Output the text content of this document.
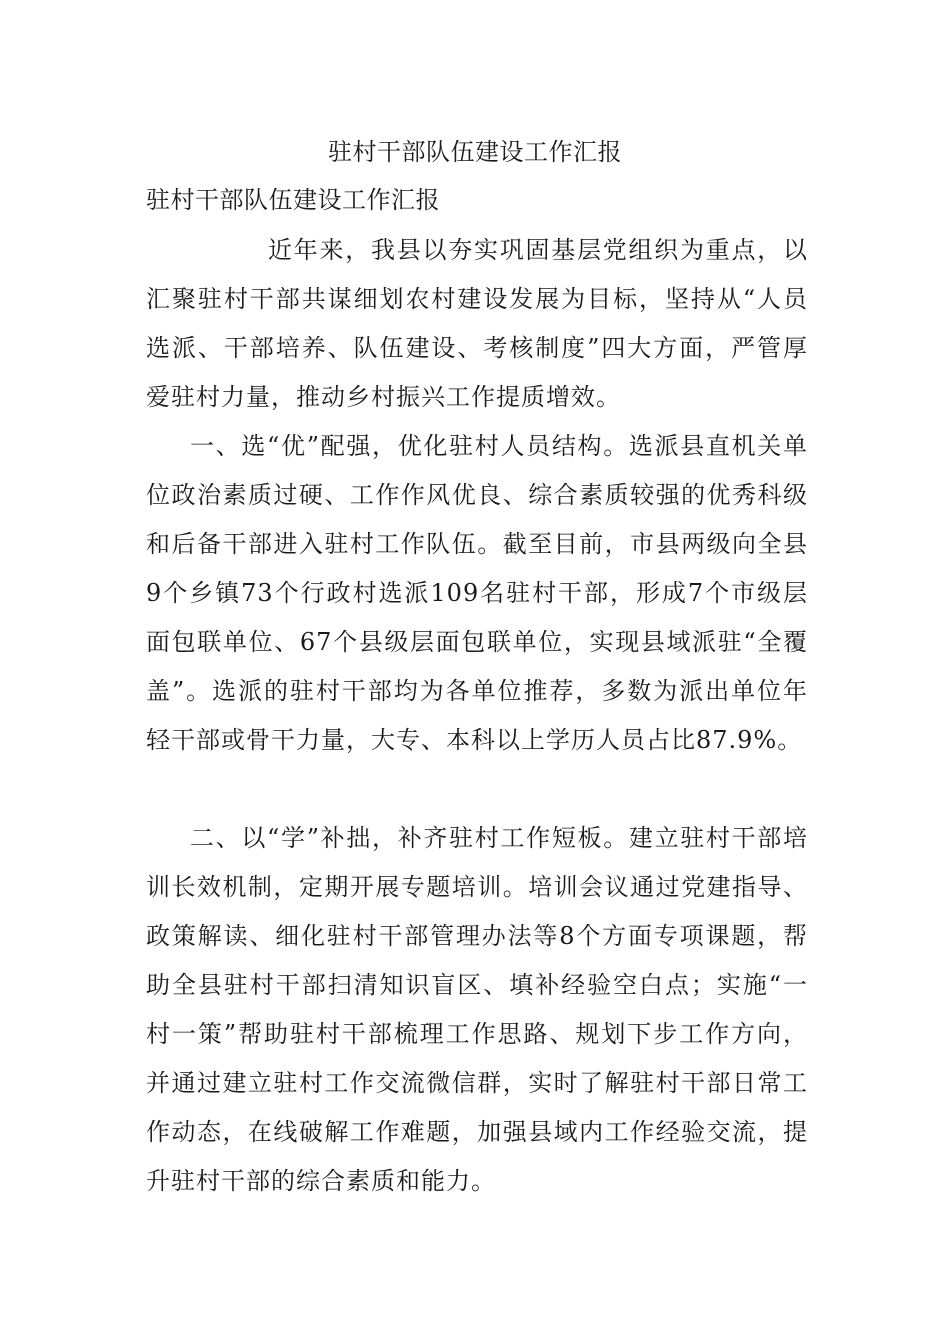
驻村干部队伍建设工作汇报
驻村干部队伍建设工作汇报

近年来，我县以夯实巩固基层党组织为重点，以汇聚驻村干部共谋细划农村建设发展为目标，坚持从“人员选派、干部培养、队伍建设、考核制度”四大方面，严管厚爱驻村力量，推动乡村振兴工作提质增效。

一、选“优”配强，优化驻村人员结构。选派县直机关单位政治素质过硬、工作作风优良、综合素质较强的优秀科级和后备干部进入驻村工作队伍。截至目前，市县两级向全县9个乡镇73个行政村选派109名驻村干部，形成7个市级层面包联单位、67个县级层面包联单位，实现县域派驻“全覆盖”。选派的驻村干部均为各单位推荐，多数为派出单位年轻干部或骨干力量，大专、本科以上学历人员占比87.9%。

二、以“学”补拙，补齐驻村工作短板。建立驻村干部培训长效机制，定期开展专题培训。培训会议通过党建指导、政策解读、细化驻村干部管理办法等8个方面专项课题，帮助全县驻村干部扫清知识盲区、填补经验空白点；实施“一村一策”帮助驻村干部梳理工作思路、规划下步工作方向，并通过建立驻村工作交流微信群，实时了解驻村干部日常工作动态，在线破解工作难题，加强县域内工作经验交流，提升驻村干部的综合素质和能力。
